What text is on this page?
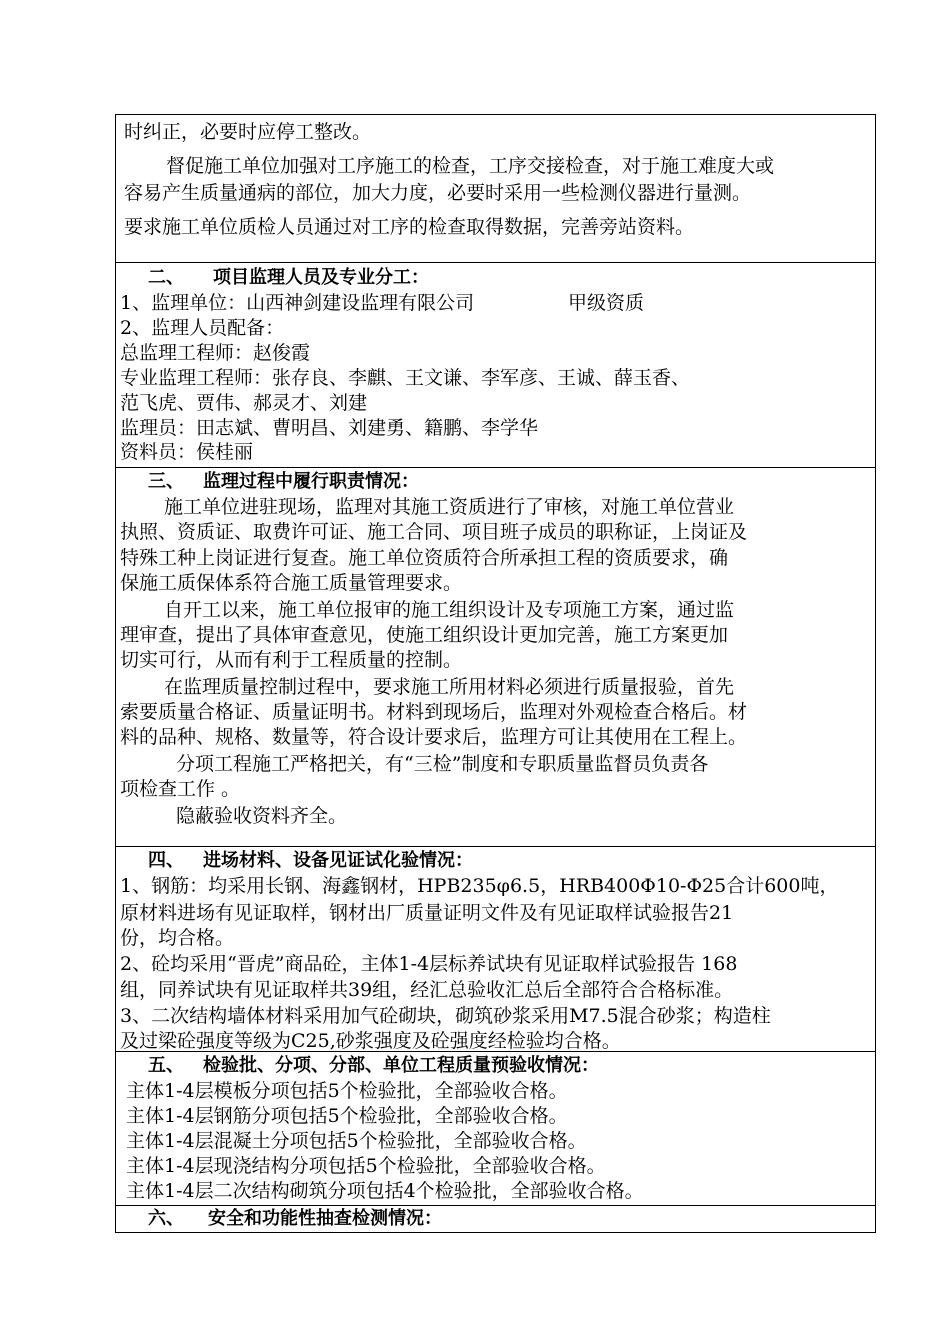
时纠正，必要时应停工整改。
督促施工单位加强对工序施工的检查，工序交接检查，对于施工难度大或
容易产生质量通病的部位，加大力度，必要时采用一些检测仪器进行量测。
要求施工单位质检人员通过对工序的检查取得数据，完善旁站资料。
二、 项目监理人员及专业分工：
1、监理单位：山西神剑建设监理有限公司	甲级资质
2、监理人员配备：
总监理工程师：赵俊霞
专业监理工程师：张存良、李麒、王文谦、李军彦、王诚、薛玉香、
范飞虎、贾伟、郝灵才、刘建
监理员：田志斌、曹明昌、刘建勇、籍鹏、李学华
资料员：侯桂丽
三、 监理过程中履行职责情况：
施工单位进驻现场，监理对其施工资质进行了审核，对施工单位营业
执照、资质证、取费许可证、施工合同、项目班子成员的职称证，上岗证及
特殊工种上岗证进行复查。施工单位资质符合所承担工程的资质要求，确
保施工质保体系符合施工质量管理要求。
自开工以来，施工单位报审的施工组织设计及专项施工方案，通过监
理审查，提出了具体审查意见，使施工组织设计更加完善，施工方案更加
切实可行，从而有利于工程质量的控制。
在监理质量控制过程中，要求施工所用材料必须进行质量报验，首先
索要质量合格证、质量证明书。材料到现场后，监理对外观检查合格后。材
料的品种、规格、数量等，符合设计要求后，监理方可让其使用在工程上。
分项工程施工严格把关，有“三检”制度和专职质量监督员负责各
项检查工作 。
隐蔽验收资料齐全。
四、 进场材料、设备见证试化验情况：
1、钢筋：均采用长钢、海鑫钢材，HPB235φ6.5，HRB400Φ10-Φ25合计600吨，
原材料进场有见证取样，钢材出厂质量证明文件及有见证取样试验报告21
份，均合格。
2、砼均采用“晋虎”商品砼，主体1-4层标养试块有见证取样试验报告 168
组，同养试块有见证取样共39组，经汇总验收汇总后全部符合合格标准。
3、二次结构墙体材料采用加气砼砌块，砌筑砂浆采用M7.5混合砂浆；构造柱
及过梁砼强度等级为C25,砂浆强度及砼强度经检验均合格。
五、 检验批、分项、分部、单位工程质量预验收情况：
主体1-4层模板分项包括5个检验批，全部验收合格。
主体1-4层钢筋分项包括5个检验批，全部验收合格。
主体1-4层混凝土分项包括5个检验批，全部验收合格。
主体1-4层现浇结构分项包括5个检验批，全部验收合格。
主体1-4层二次结构砌筑分项包括4个检验批，全部验收合格。
六、 安全和功能性抽查检测情况：
